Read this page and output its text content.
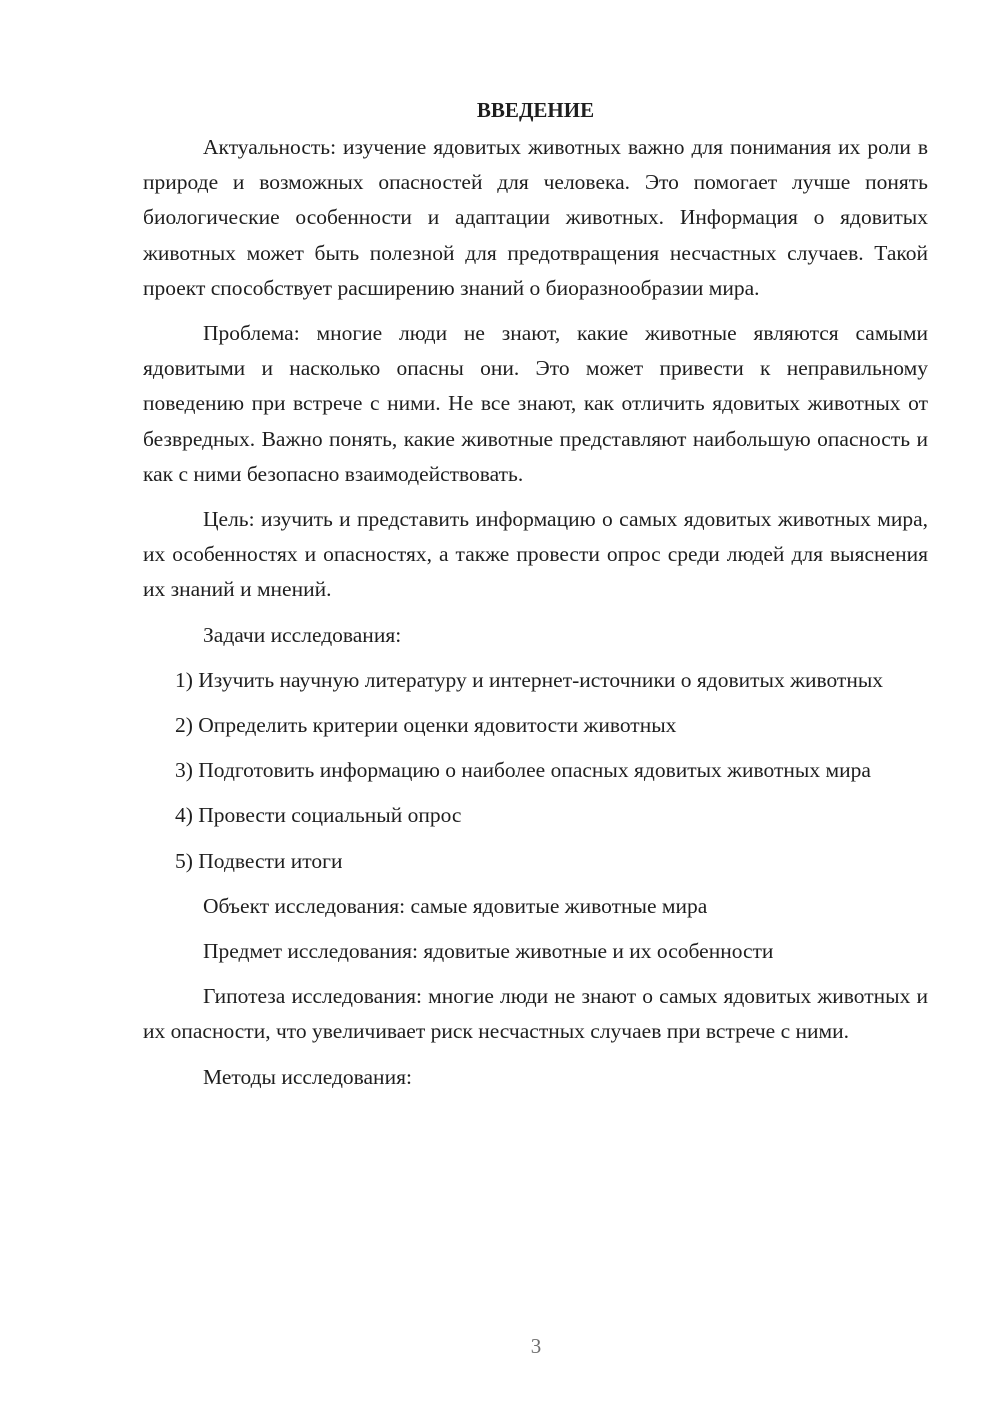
ВВЕДЕНИЕ

Актуальность: изучение ядовитых животных важно для понимания их роли в природе и возможных опасностей для человека. Это помогает лучше понять биологические особенности и адаптации животных. Информация о ядовитых животных может быть полезной для предотвращения несчастных случаев. Такой проект способствует расширению знаний о биоразнообразии мира.

Проблема: многие люди не знают, какие животные являются самыми ядовитыми и насколько опасны они. Это может привести к неправильному поведению при встрече с ними. Не все знают, как отличить ядовитых животных от безвредных. Важно понять, какие животные представляют наибольшую опасность и как с ними безопасно взаимодействовать.

Цель: изучить и представить информацию о самых ядовитых животных мира, их особенностях и опасностях, а также провести опрос среди людей для выяснения их знаний и мнений.

Задачи исследования:

1) Изучить научную литературу и интернет-источники о ядовитых животных

2) Определить критерии оценки ядовитости животных

3) Подготовить информацию о наиболее опасных ядовитых животных мира

4) Провести социальный опрос

5) Подвести итоги

Объект исследования: самые ядовитые животные мира

Предмет исследования: ядовитые животные и их особенности

Гипотеза исследования: многие люди не знают о самых ядовитых животных и их опасности, что увеличивает риск несчастных случаев при встрече с ними.

Методы исследования:

3
